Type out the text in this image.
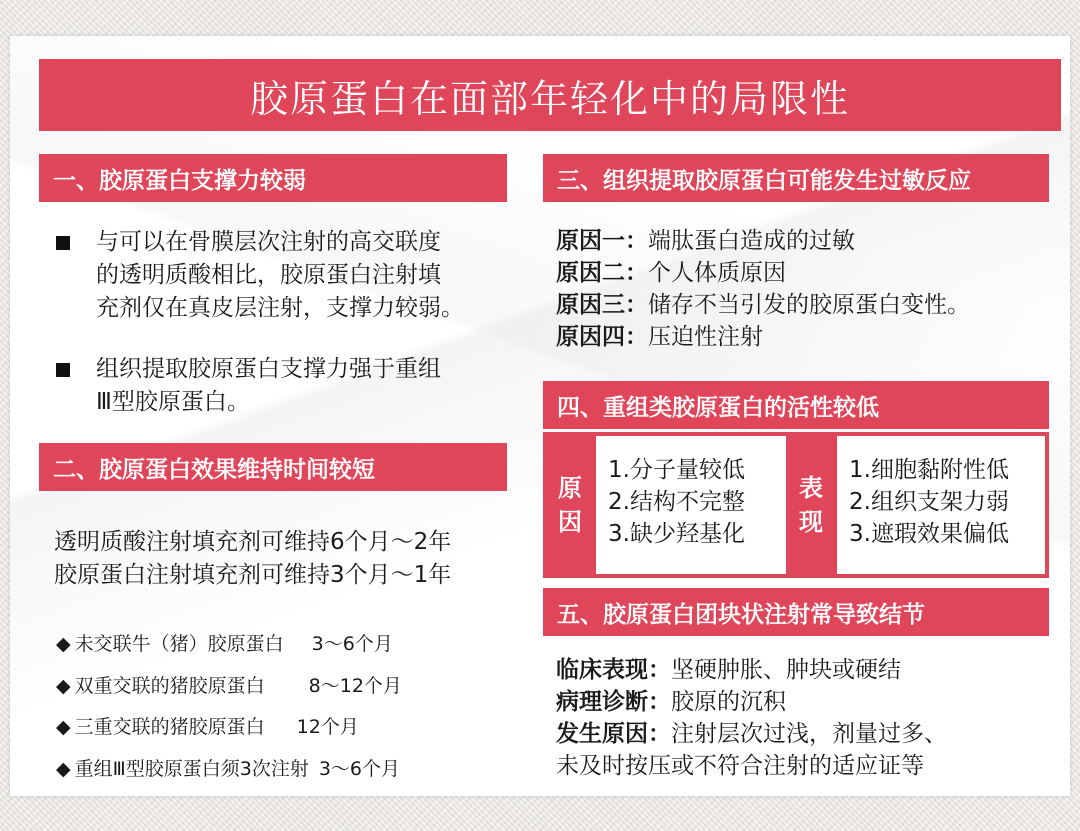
胶原蛋白在面部年轻化中的局限性
一、胶原蛋白支撑力较弱
与可以在骨膜层次注射的高交联度
的透明质酸相比，胶原蛋白注射填
充剂仅在真皮层注射，支撑力较弱。
组织提取胶原蛋白支撑力强于重组
Ⅲ型胶原蛋白。
二、胶原蛋白效果维持时间较短
透明质酸注射填充剂可维持6个月～2年
胶原蛋白注射填充剂可维持3个月～1年
◆ 未交联牛（猪）胶原蛋白 3～6个月
◆ 双重交联的猪胶原蛋白 8～12个月
◆ 三重交联的猪胶原蛋白 12个月
◆ 重组Ⅲ型胶原蛋白须3次注射 3～6个月
三、组织提取胶原蛋白可能发生过敏反应
原因一：端肽蛋白造成的过敏
原因二：个人体质原因
原因三：储存不当引发的胶原蛋白变性。
原因四：压迫性注射
四、重组类胶原蛋白的活性较低
原
因
1.分子量较低
2.结构不完整
3.缺少羟基化
表
现
1.细胞黏附性低
2.组织支架力弱
3.遮瑕效果偏低
五、胶原蛋白团块状注射常导致结节
临床表现：坚硬肿胀、肿块或硬结
病理诊断：胶原的沉积
发生原因：注射层次过浅，剂量过多、
未及时按压或不符合注射的适应证等
